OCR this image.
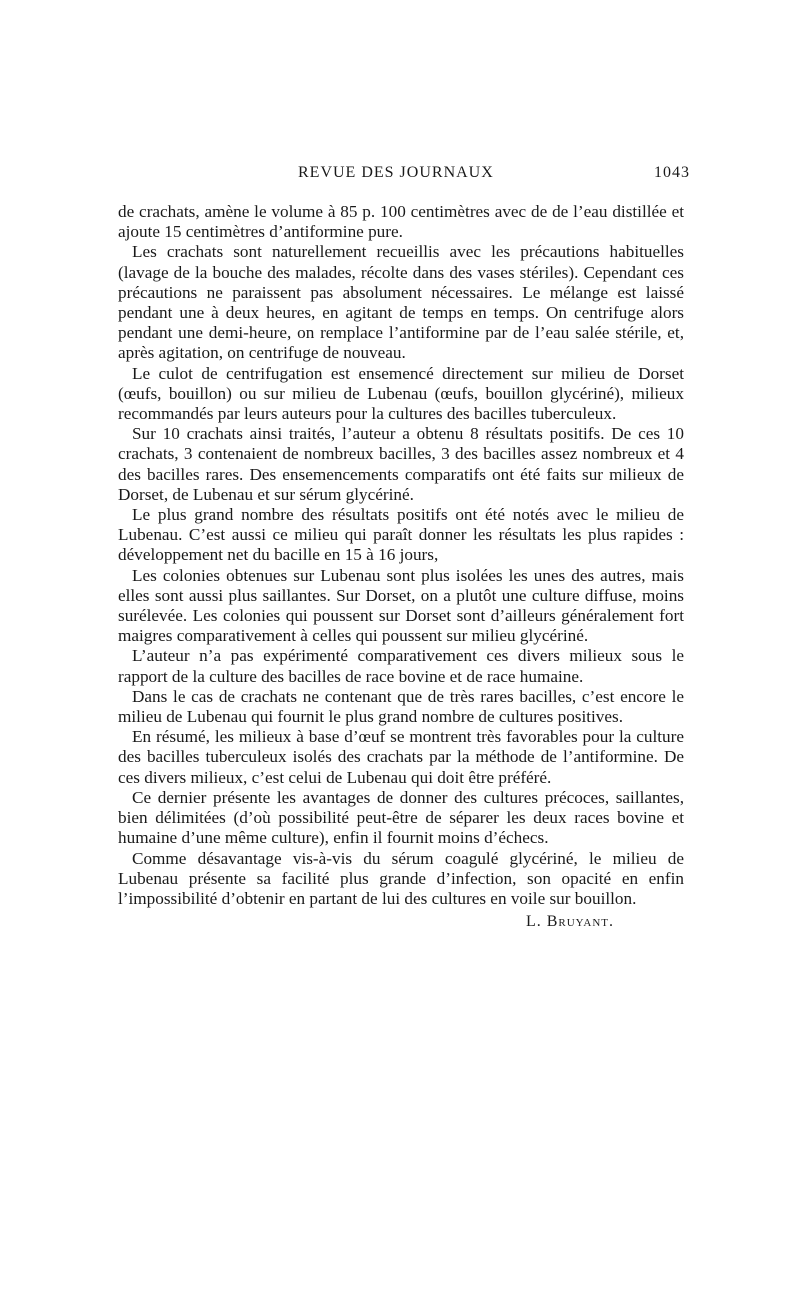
REVUE DES JOURNAUX	1043

de crachats, amène le volume à 85 p. 100 centimètres avec de de l’eau distillée et ajoute 15 centimètres d’antiformine pure.

Les crachats sont naturellement recueillis avec les précautions habituelles (lavage de la bouche des malades, récolte dans des vases stériles). Cependant ces précautions ne paraissent pas absolument nécessaires. Le mélange est laissé pendant une à deux heures, en agitant de temps en temps. On centrifuge alors pendant une demi-heure, on remplace l’antiformine par de l’eau salée stérile, et, après agitation, on centrifuge de nouveau.

Le culot de centrifugation est ensemencé directement sur milieu de Dorset (œufs, bouillon) ou sur milieu de Lubenau (œufs, bouillon glycériné), milieux recommandés par leurs auteurs pour la cultures des bacilles tuberculeux.

Sur 10 crachats ainsi traités, l’auteur a obtenu 8 résultats positifs. De ces 10 crachats, 3 contenaient de nombreux bacilles, 3 des bacilles assez nombreux et 4 des bacilles rares. Des ensemencements comparatifs ont été faits sur milieux de Dorset, de Lubenau et sur sérum glycériné.

Le plus grand nombre des résultats positifs ont été notés avec le milieu de Lubenau. C’est aussi ce milieu qui paraît donner les résultats les plus rapides : développement net du bacille en 15 à 16 jours,

Les colonies obtenues sur Lubenau sont plus isolées les unes des autres, mais elles sont aussi plus saillantes. Sur Dorset, on a plutôt une culture diffuse, moins surélevée. Les colonies qui poussent sur Dorset sont d’ailleurs généralement fort maigres comparativement à celles qui poussent sur milieu glycériné.

L’auteur n’a pas expérimenté comparativement ces divers milieux sous le rapport de la culture des bacilles de race bovine et de race humaine.

Dans le cas de crachats ne contenant que de très rares bacilles, c’est encore le milieu de Lubenau qui fournit le plus grand nombre de cultures positives.

En résumé, les milieux à base d’œuf se montrent très favorables pour la culture des bacilles tuberculeux isolés des crachats par la méthode de l’antiformine. De ces divers milieux, c’est celui de Lubenau qui doit être préféré.

Ce dernier présente les avantages de donner des cultures précoces, saillantes, bien délimitées (d’où possibilité peut-être de séparer les deux races bovine et humaine d’une même culture), enfin il fournit moins d’échecs.

Comme désavantage vis-à-vis du sérum coagulé glycériné, le milieu de Lubenau présente sa facilité plus grande d’infection, son opacité en enfin l’impossibilité d’obtenir en partant de lui des cultures en voile sur bouillon.

L. Bruyant.
